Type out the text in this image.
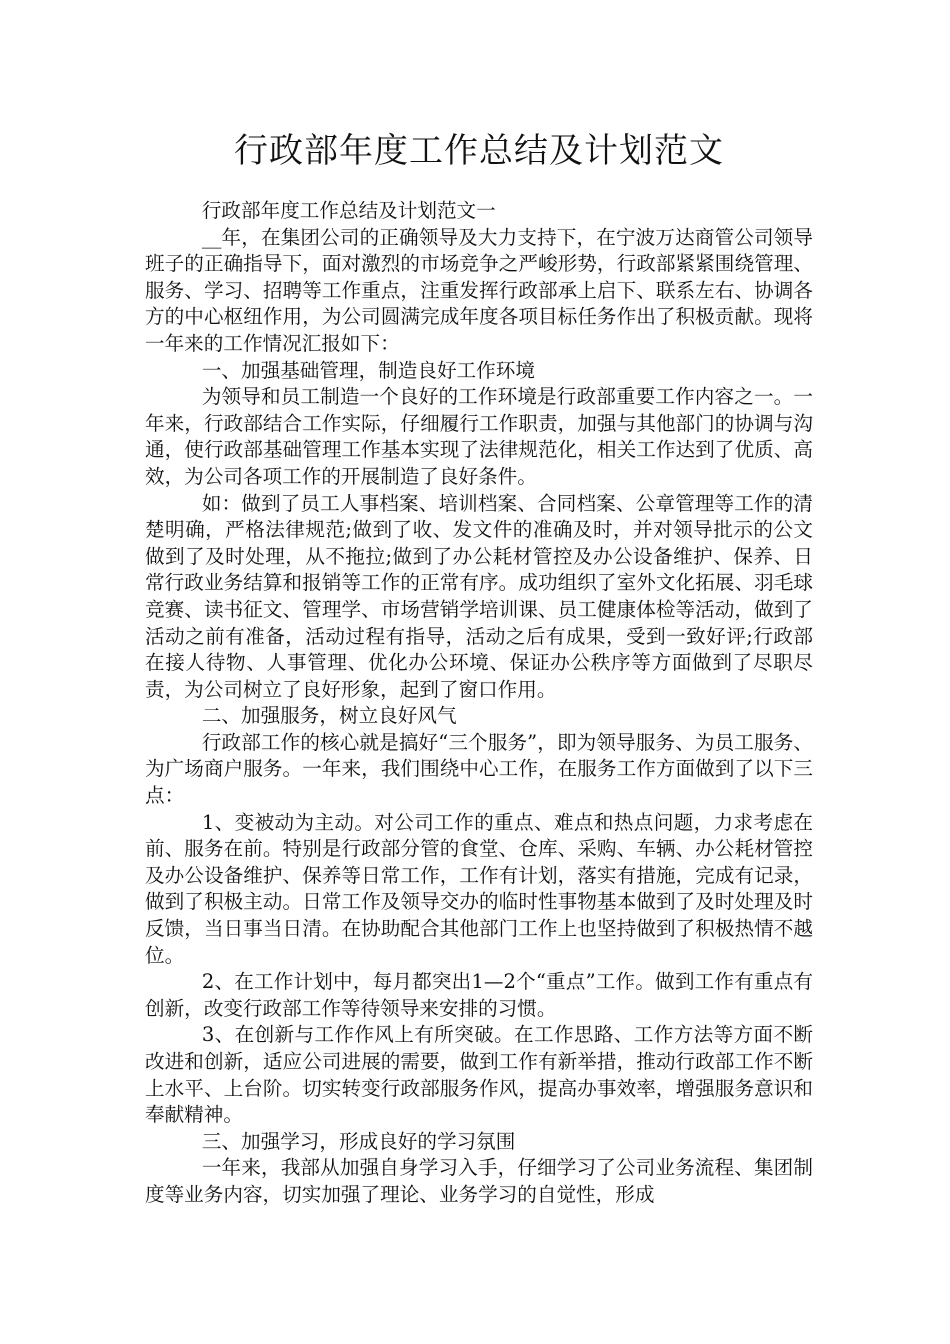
行政部年度工作总结及计划范文

行政部年度工作总结及计划范文一

__年，在集团公司的正确领导及大力支持下，在宁波万达商管公司领导班子的正确指导下，面对激烈的市场竞争之严峻形势，行政部紧紧围绕管理、服务、学习、招聘等工作重点，注重发挥行政部承上启下、联系左右、协调各方的中心枢纽作用，为公司圆满完成年度各项目标任务作出了积极贡献。现将一年来的工作情况汇报如下：

一、加强基础管理，制造良好工作环境

为领导和员工制造一个良好的工作环境是行政部重要工作内容之一。一年来，行政部结合工作实际，仔细履行工作职责，加强与其他部门的协调与沟通，使行政部基础管理工作基本实现了法律规范化，相关工作达到了优质、高效，为公司各项工作的开展制造了良好条件。

如：做到了员工人事档案、培训档案、合同档案、公章管理等工作的清楚明确，严格法律规范;做到了收、发文件的准确及时，并对领导批示的公文做到了及时处理，从不拖拉;做到了办公耗材管控及办公设备维护、保养、日常行政业务结算和报销等工作的正常有序。成功组织了室外文化拓展、羽毛球竞赛、读书征文、管理学、市场营销学培训课、员工健康体检等活动，做到了活动之前有准备，活动过程有指导，活动之后有成果，受到一致好评;行政部在接人待物、人事管理、优化办公环境、保证办公秩序等方面做到了尽职尽责，为公司树立了良好形象，起到了窗口作用。

二、加强服务，树立良好风气

行政部工作的核心就是搞好“三个服务”，即为领导服务、为员工服务、为广场商户服务。一年来，我们围绕中心工作，在服务工作方面做到了以下三点：

1、变被动为主动。对公司工作的重点、难点和热点问题，力求考虑在前、服务在前。特别是行政部分管的食堂、仓库、采购、车辆、办公耗材管控及办公设备维护、保养等日常工作，工作有计划，落实有措施，完成有记录，做到了积极主动。日常工作及领导交办的临时性事物基本做到了及时处理及时反馈，当日事当日清。在协助配合其他部门工作上也坚持做到了积极热情不越位。

2、在工作计划中，每月都突出1—2个“重点”工作。做到工作有重点有创新，改变行政部工作等待领导来安排的习惯。

3、在创新与工作作风上有所突破。在工作思路、工作方法等方面不断改进和创新，适应公司进展的需要，做到工作有新举措，推动行政部工作不断上水平、上台阶。切实转变行政部服务作风，提高办事效率，增强服务意识和奉献精神。

三、加强学习，形成良好的学习氛围

一年来，我部从加强自身学习入手，仔细学习了公司业务流程、集团制度等业务内容，切实加强了理论、业务学习的自觉性，形成
